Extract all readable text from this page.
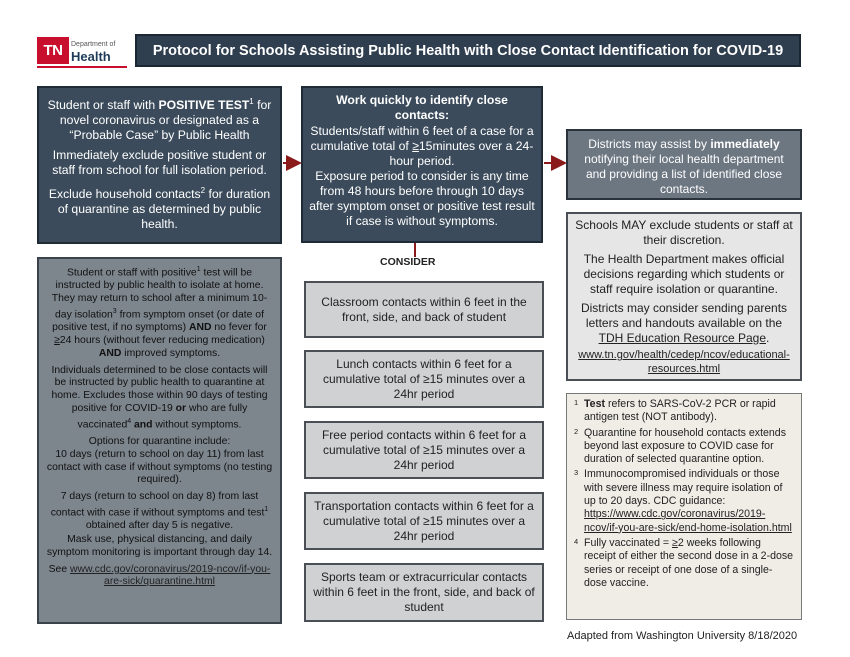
TN	Department of
Health	Protocol for Schools Assisting Public Health with Close Contact Identification for COVID-19

Student or staff with POSITIVE TEST$^1$ for novel coronavirus or designated as a “Probable Case” by Public Health

Immediately exclude positive student or staff from school for full isolation period.

Exclude household contacts$^2$ for duration of quarantine as determined by public health.

Work quickly to identify close contacts:

Students/staff within 6 feet of a case for a cumulative total of ≥15minutes over a 24-hour period.

Exposure period to consider is any time from 48 hours before through 10 days after symptom onset or positive test result if case is without symptoms.

Districts may assist by immediately notifying their local health department and providing a list of identified close contacts.
CONSIDER
Classroom contacts within 6 feet in the front, side, and back of student
Lunch contacts within 6 feet for a cumulative total of ≥15 minutes over a 24hr period
Free period contacts within 6 feet for a cumulative total of ≥15 minutes over a 24hr period
Transportation contacts within 6 feet for a cumulative total of ≥15 minutes over a 24hr period
Sports team or extracurricular contacts within 6 feet in the front, side, and back of student

Student or staff with positive$^1$ test will be instructed by public health to isolate at home. They may return to school after a minimum 10-day isolation$^3$ from symptom onset (or date of positive test, if no symptoms) AND no fever for ≥24 hours (without fever reducing medication) AND improved symptoms.

Individuals determined to be close contacts will be instructed by public health to quarantine at home. Excludes those within 90 days of testing positive for COVID-19 or who are fully vaccinated$^4$ and without symptoms.

Options for quarantine include:

10 days (return to school on day 11) from last contact with case if without symptoms (no testing required).

7 days (return to school on day 8) from last contact with case if without symptoms and test$^1$ obtained after day 5 is negative.

Mask use, physical distancing, and daily symptom monitoring is important through day 14.

See www.cdc.gov/coronavirus/2019-ncov/if-you-are-sick/quarantine.html

Schools MAY exclude students or staff at their discretion.

The Health Department makes official decisions regarding which students or staff require isolation or quarantine.

Districts may consider sending parents letters and handouts available on the TDH Education Resource Page.

www.tn.gov/health/cedep/ncov/educational-resources.html

1 Test refers to SARS-CoV-2 PCR or rapid antigen test (NOT antibody).
2 Quarantine for household contacts extends beyond last exposure to COVID case for duration of selected quarantine option.
3 Immunocompromised individuals or those with severe illness may require isolation of up to 20 days. CDC guidance: https://www.cdc.gov/coronavirus/2019-ncov/if-you-are-sick/end-home-isolation.html
4 Fully vaccinated = ≥2 weeks following receipt of either the second dose in a 2-dose series or receipt of one dose of a single-dose vaccine.
Adapted from Washington University 8/18/2020
